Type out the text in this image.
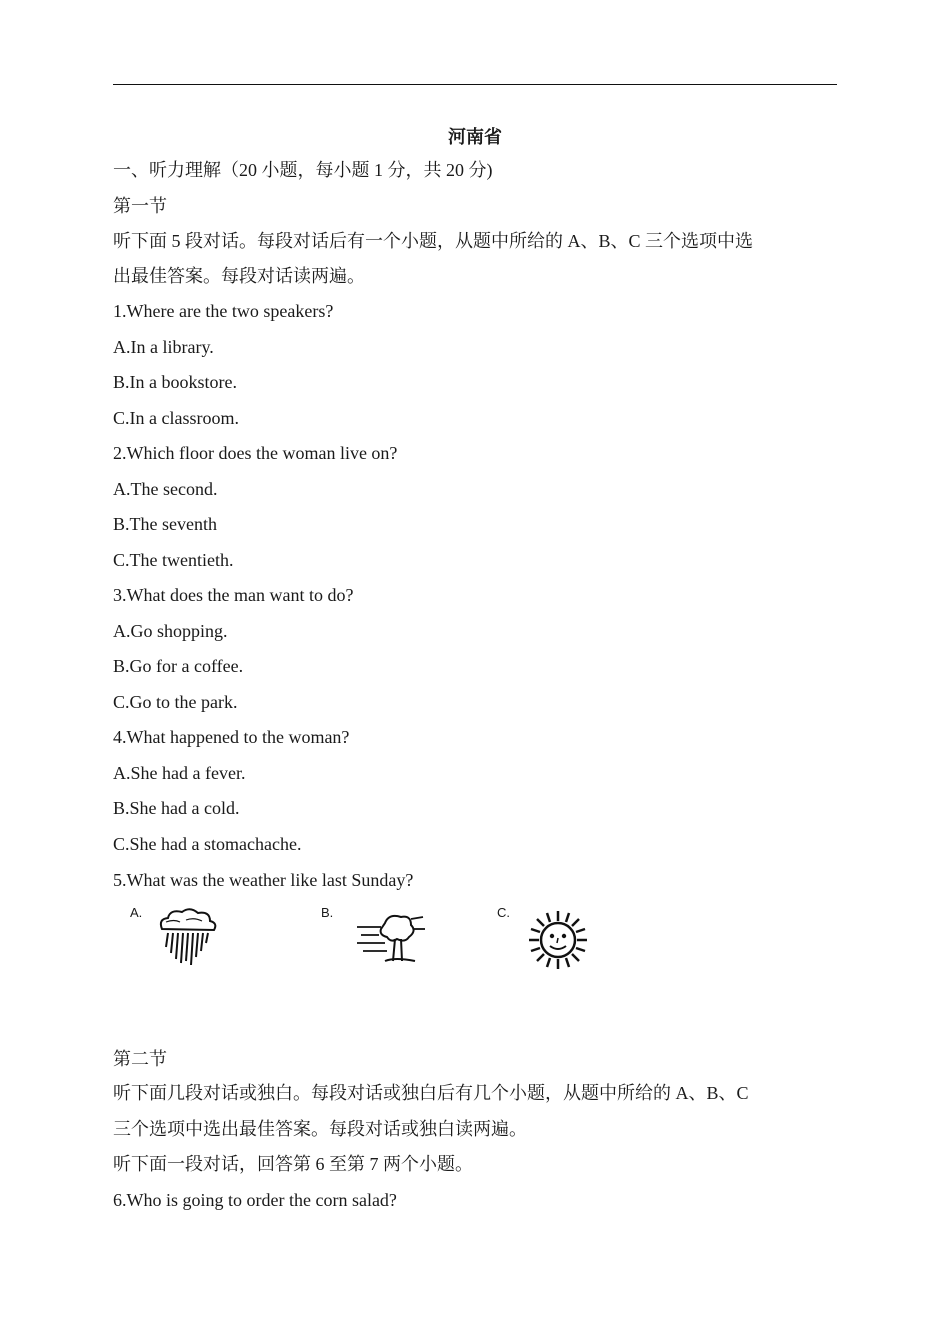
河南省
一、听力理解（20 小题，每小题 1 分，共 20 分)
第一节
听下面 5 段对话。每段对话后有一个小题，从题中所给的 A、B、C 三个选项中选
出最佳答案。每段对话读两遍。
1.Where are the two speakers?
A.In a library.
B.In a bookstore.
C.In a classroom.
2.Which floor does the woman live on?
A.The second.
B.The seventh
C.The twentieth.
3.What does the man want to do?
A.Go shopping.
B.Go for a coffee.
C.Go to the park.
4.What happened to the woman?
A.She had a fever.
B.She had a cold.
C.She had a stomachache.
5.What was the weather like last Sunday?
A.	B.	C.
第二节
听下面几段对话或独白。每段对话或独白后有几个小题，从题中所给的 A、B、C
三个选项中选出最佳答案。每段对话或独白读两遍。
听下面一段对话，回答第 6 至第 7 两个小题。
6.Who is going to order the corn salad?
